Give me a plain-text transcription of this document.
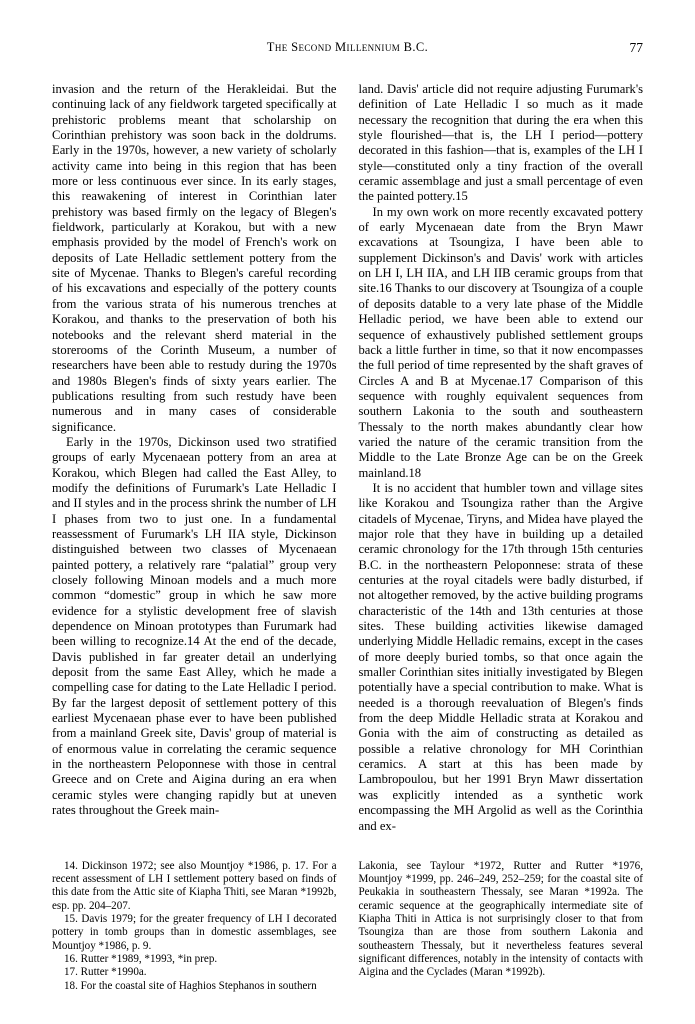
The Second Millennium B.C.	77

invasion and the return of the Herakleidai. But the continuing lack of any fieldwork targeted specifically at prehistoric problems meant that scholarship on Corinthian prehistory was soon back in the doldrums. Early in the 1970s, however, a new variety of scholarly activity came into being in this region that has been more or less continuous ever since. In its early stages, this reawakening of interest in Corinthian later prehistory was based firmly on the legacy of Blegen's fieldwork, particularly at Korakou, but with a new emphasis provided by the model of French's work on deposits of Late Helladic settlement pottery from the site of Mycenae. Thanks to Blegen's careful recording of his excavations and especially of the pottery counts from the various strata of his numerous trenches at Korakou, and thanks to the preservation of both his notebooks and the relevant sherd material in the storerooms of the Corinth Museum, a number of researchers have been able to restudy during the 1970s and 1980s Blegen's finds of sixty years earlier. The publications resulting from such restudy have been numerous and in many cases of considerable significance.

Early in the 1970s, Dickinson used two stratified groups of early Mycenaean pottery from an area at Korakou, which Blegen had called the East Alley, to modify the definitions of Furumark's Late Helladic I and II styles and in the process shrink the number of LH I phases from two to just one. In a fundamental reassessment of Furumark's LH IIA style, Dickinson distinguished between two classes of Mycenaean painted pottery, a relatively rare “palatial” group very closely following Minoan models and a much more common “domestic” group in which he saw more evidence for a stylistic development free of slavish dependence on Minoan prototypes than Furumark had been willing to recognize.14 At the end of the decade, Davis published in far greater detail an underlying deposit from the same East Alley, which he made a compelling case for dating to the Late Helladic I period. By far the largest deposit of settlement pottery of this earliest Mycenaean phase ever to have been published from a mainland Greek site, Davis' group of material is of enormous value in correlating the ceramic sequence in the northeastern Peloponnese with those in central Greece and on Crete and Aigina during an era when ceramic styles were changing rapidly but at uneven rates throughout the Greek main-

land. Davis' article did not require adjusting Furumark's definition of Late Helladic I so much as it made necessary the recognition that during the era when this style flourished—that is, the LH I period—pottery decorated in this fashion—that is, examples of the LH I style—constituted only a tiny fraction of the overall ceramic assemblage and just a small percentage of even the painted pottery.15

In my own work on more recently excavated pottery of early Mycenaean date from the Bryn Mawr excavations at Tsoungiza, I have been able to supplement Dickinson's and Davis' work with articles on LH I, LH IIA, and LH IIB ceramic groups from that site.16 Thanks to our discovery at Tsoungiza of a couple of deposits datable to a very late phase of the Middle Helladic period, we have been able to extend our sequence of exhaustively published settlement groups back a little further in time, so that it now encompasses the full period of time represented by the shaft graves of Circles A and B at Mycenae.17 Comparison of this sequence with roughly equivalent sequences from southern Lakonia to the south and southeastern Thessaly to the north makes abundantly clear how varied the nature of the ceramic transition from the Middle to the Late Bronze Age can be on the Greek mainland.18

It is no accident that humbler town and village sites like Korakou and Tsoungiza rather than the Argive citadels of Mycenae, Tiryns, and Midea have played the major role that they have in building up a detailed ceramic chronology for the 17th through 15th centuries B.C. in the northeastern Peloponnese: strata of these centuries at the royal citadels were badly disturbed, if not altogether removed, by the active building programs characteristic of the 14th and 13th centuries at those sites. These building activities likewise damaged underlying Middle Helladic remains, except in the cases of more deeply buried tombs, so that once again the smaller Corinthian sites initially investigated by Blegen potentially have a special contribution to make. What is needed is a thorough reevaluation of Blegen's finds from the deep Middle Helladic strata at Korakou and Gonia with the aim of constructing as detailed as possible a relative chronology for MH Corinthian ceramics. A start at this has been made by Lambropoulou, but her 1991 Bryn Mawr dissertation was explicitly intended as a synthetic work encompassing the MH Argolid as well as the Corinthia and ex-

14. Dickinson 1972; see also Mountjoy *1986, p. 17. For a recent assessment of LH I settlement pottery based on finds of this date from the Attic site of Kiapha Thiti, see Maran *1992b, esp. pp. 204–207.

15. Davis 1979; for the greater frequency of LH I decorated pottery in tomb groups than in domestic assemblages, see Mountjoy *1986, p. 9.

16. Rutter *1989, *1993, *in prep.

17. Rutter *1990a.

18. For the coastal site of Haghios Stephanos in southern

Lakonia, see Taylour *1972, Rutter and Rutter *1976, Mountjoy *1999, pp. 246–249, 252–259; for the coastal site of Peukakia in southeastern Thessaly, see Maran *1992a. The ceramic sequence at the geographically intermediate site of Kiapha Thiti in Attica is not surprisingly closer to that from Tsoungiza than are those from southern Lakonia and southeastern Thessaly, but it nevertheless features several significant differences, notably in the intensity of contacts with Aigina and the Cyclades (Maran *1992b).
